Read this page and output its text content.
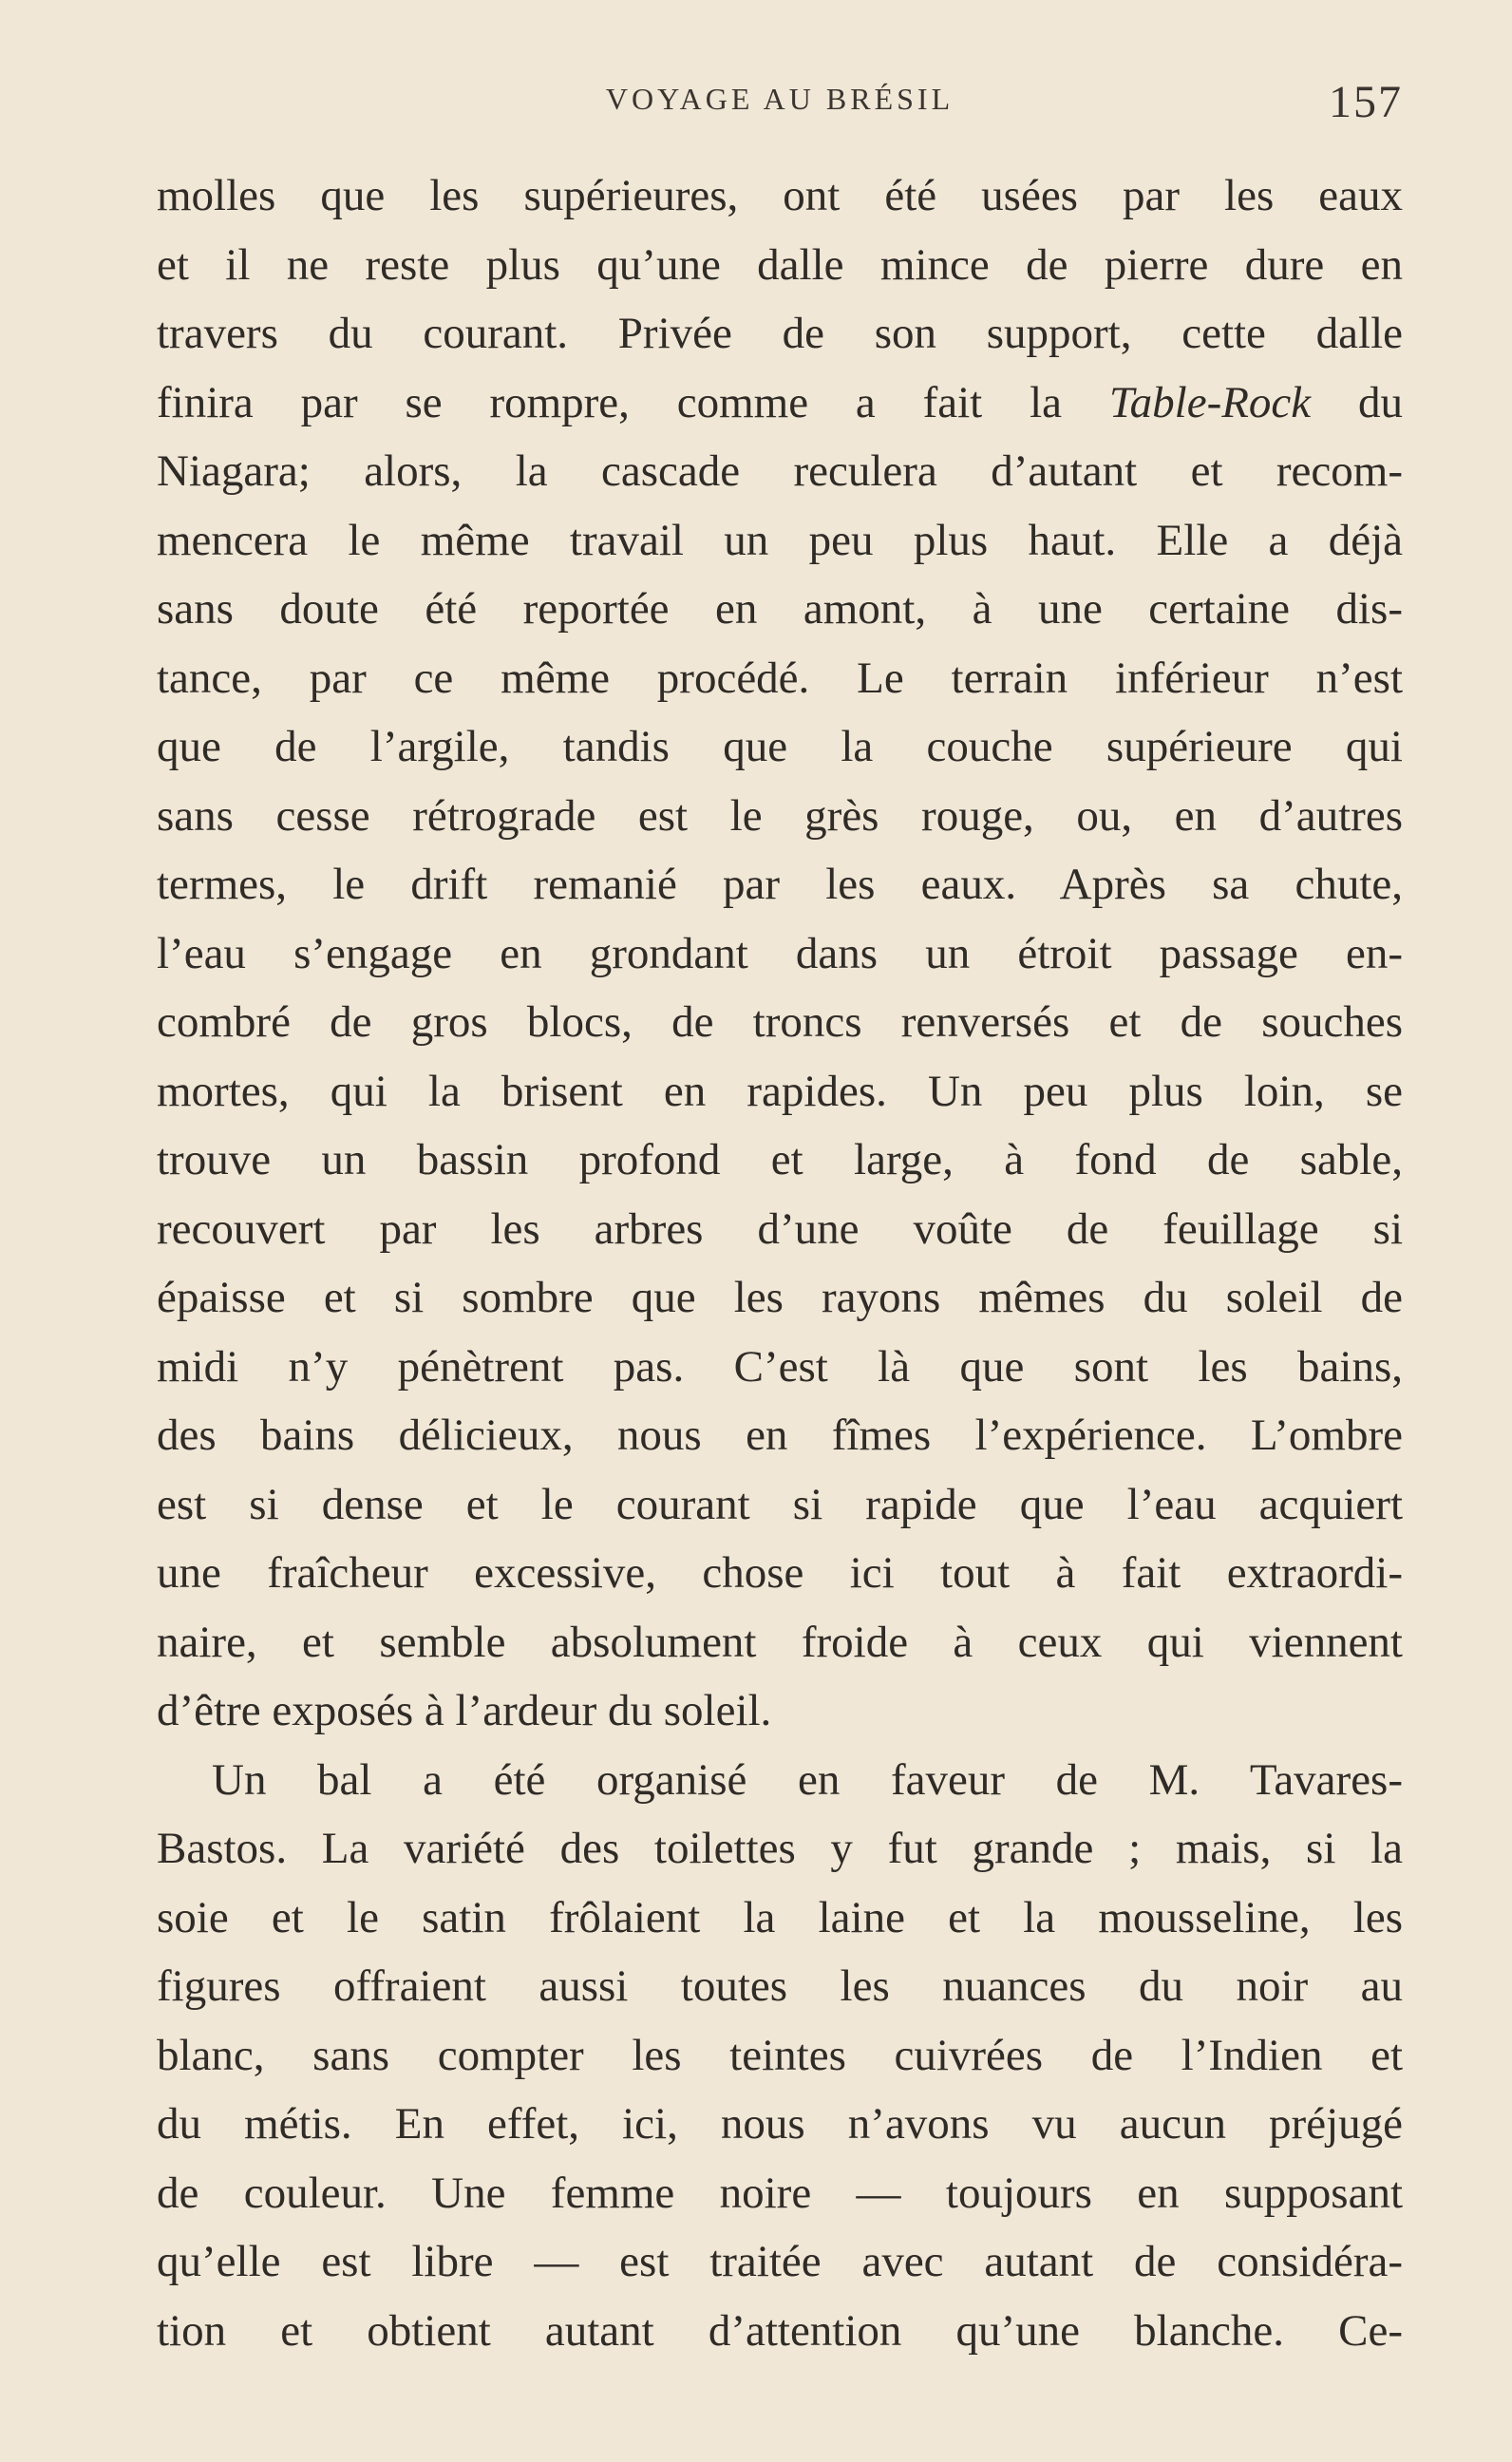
VOYAGE AU BRÉSIL	157
molles que les supérieures, ont été usées par les eaux
et il ne reste plus qu’une dalle mince de pierre dure en
travers du courant. Privée de son support, cette dalle
finira par se rompre, comme a fait la Table-Rock du
Niagara; alors, la cascade reculera d’autant et recom-
mencera le même travail un peu plus haut. Elle a déjà
sans doute été reportée en amont, à une certaine dis-
tance, par ce même procédé. Le terrain inférieur n’est
que de l’argile, tandis que la couche supérieure qui
sans cesse rétrograde est le grès rouge, ou, en d’autres
termes, le drift remanié par les eaux. Après sa chute,
l’eau s’engage en grondant dans un étroit passage en-
combré de gros blocs, de troncs renversés et de souches
mortes, qui la brisent en rapides. Un peu plus loin, se
trouve un bassin profond et large, à fond de sable,
recouvert par les arbres d’une voûte de feuillage si
épaisse et si sombre que les rayons mêmes du soleil de
midi n’y pénètrent pas. C’est là que sont les bains,
des bains délicieux, nous en fîmes l’expérience. L’ombre
est si dense et le courant si rapide que l’eau acquiert
une fraîcheur excessive, chose ici tout à fait extraordi-
naire, et semble absolument froide à ceux qui viennent
d’être exposés à l’ardeur du soleil.
Un bal a été organisé en faveur de M. Tavares-
Bastos. La variété des toilettes y fut grande ; mais, si la
soie et le satin frôlaient la laine et la mousseline, les
figures offraient aussi toutes les nuances du noir au
blanc, sans compter les teintes cuivrées de l’Indien et
du métis. En effet, ici, nous n’avons vu aucun préjugé
de couleur. Une femme noire — toujours en supposant
qu’elle est libre — est traitée avec autant de considéra-
tion et obtient autant d’attention qu’une blanche. Ce-
